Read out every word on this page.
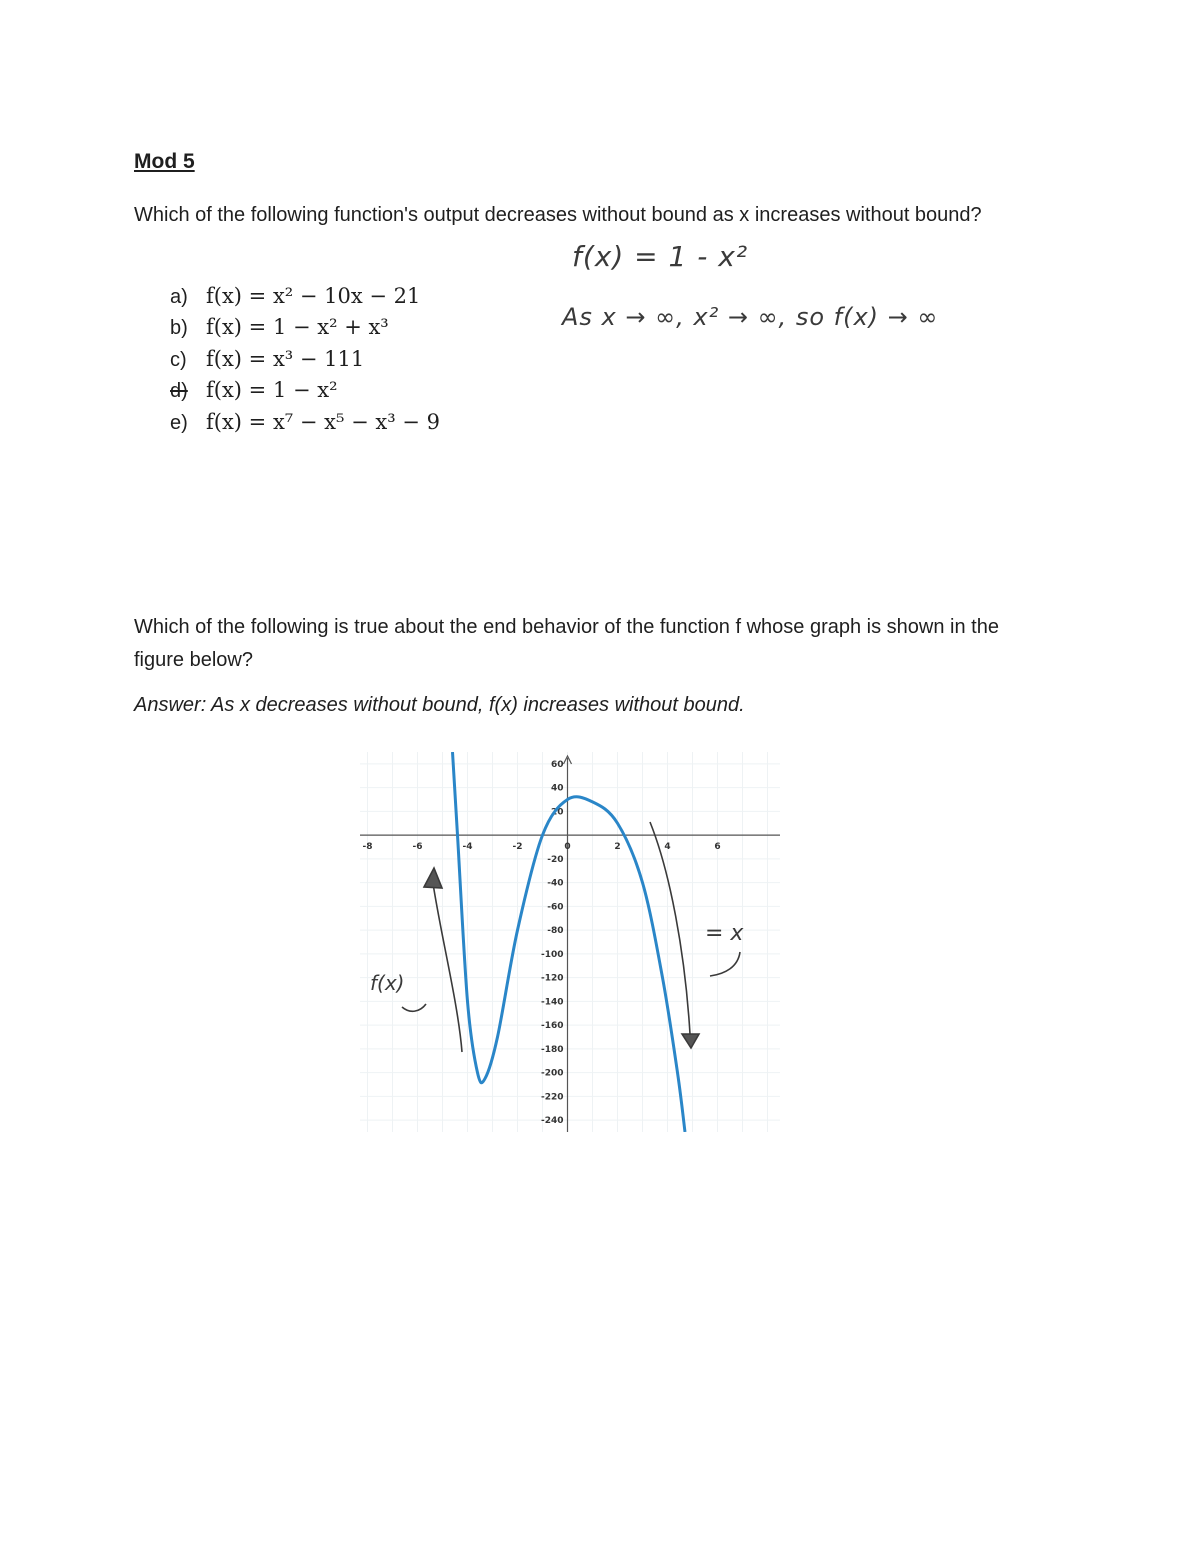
Mod 5
Which of the following function's output decreases without bound as x increases without bound?
f(x) = 1 - x²
As x → ∞, x² → ∞, so f(x) → ∞
a) f(x) = x² − 10x − 21
b) f(x) = 1 − x² + x³
c) f(x) = x³ − 111
d) f(x) = 1 − x²
e) f(x) = x⁷ − x⁵ − x³ − 9
Which of the following is true about the end behavior of the function f whose graph is shown in the figure below?
Answer: As x decreases without bound, f(x) increases without bound.
-8	-6	-4	-2	2	4	6
0
60
40
20
-20
-40
-60
-80
-100
-120
-140
-160
-180
-200
-220
-240
f(x)
= x
